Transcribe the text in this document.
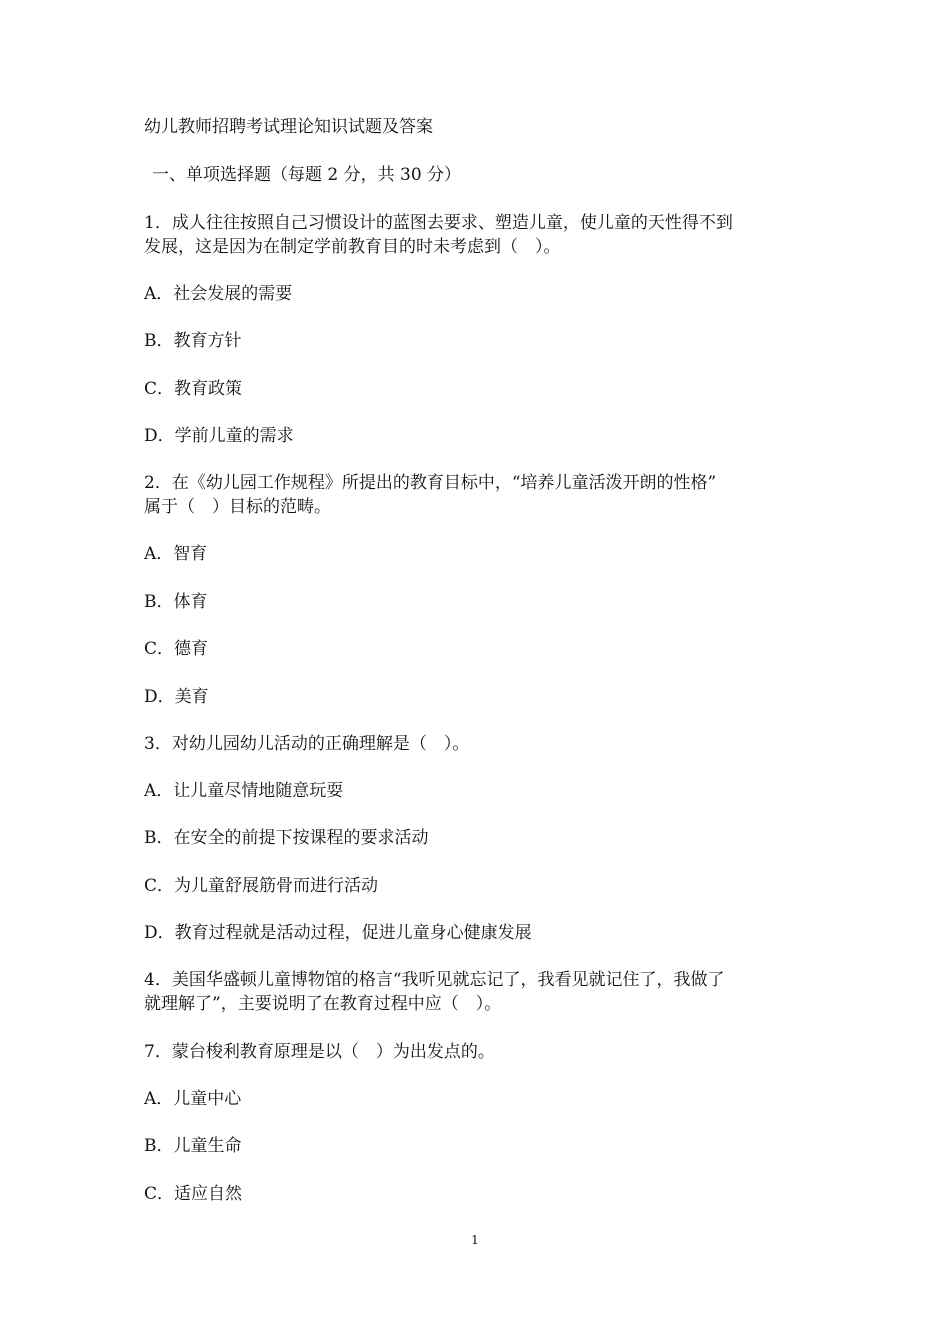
幼儿教师招聘考试理论知识试题及答案

一、单项选择题（每题 2 分，共 30 分）

1．成人往往按照自己习惯设计的蓝图去要求、塑造儿童，使儿童的天性得不到

发展，这是因为在制定学前教育目的时未考虑到（　）。

A．社会发展的需要

B．教育方针

C．教育政策

D．学前儿童的需求

2．在《幼儿园工作规程》所提出的教育目标中，“培养儿童活泼开朗的性格”

属于（　）目标的范畴。

A．智育

B．体育

C．德育

D．美育

3．对幼儿园幼儿活动的正确理解是（　）。

A．让儿童尽情地随意玩耍

B．在安全的前提下按课程的要求活动

C．为儿童舒展筋骨而进行活动

D．教育过程就是活动过程，促进儿童身心健康发展

4．美国华盛顿儿童博物馆的格言“我听见就忘记了，我看见就记住了，我做了

就理解了”，主要说明了在教育过程中应（　）。

7．蒙台梭利教育原理是以（　）为出发点的。

A．儿童中心

B．儿童生命

C．适应自然

1
